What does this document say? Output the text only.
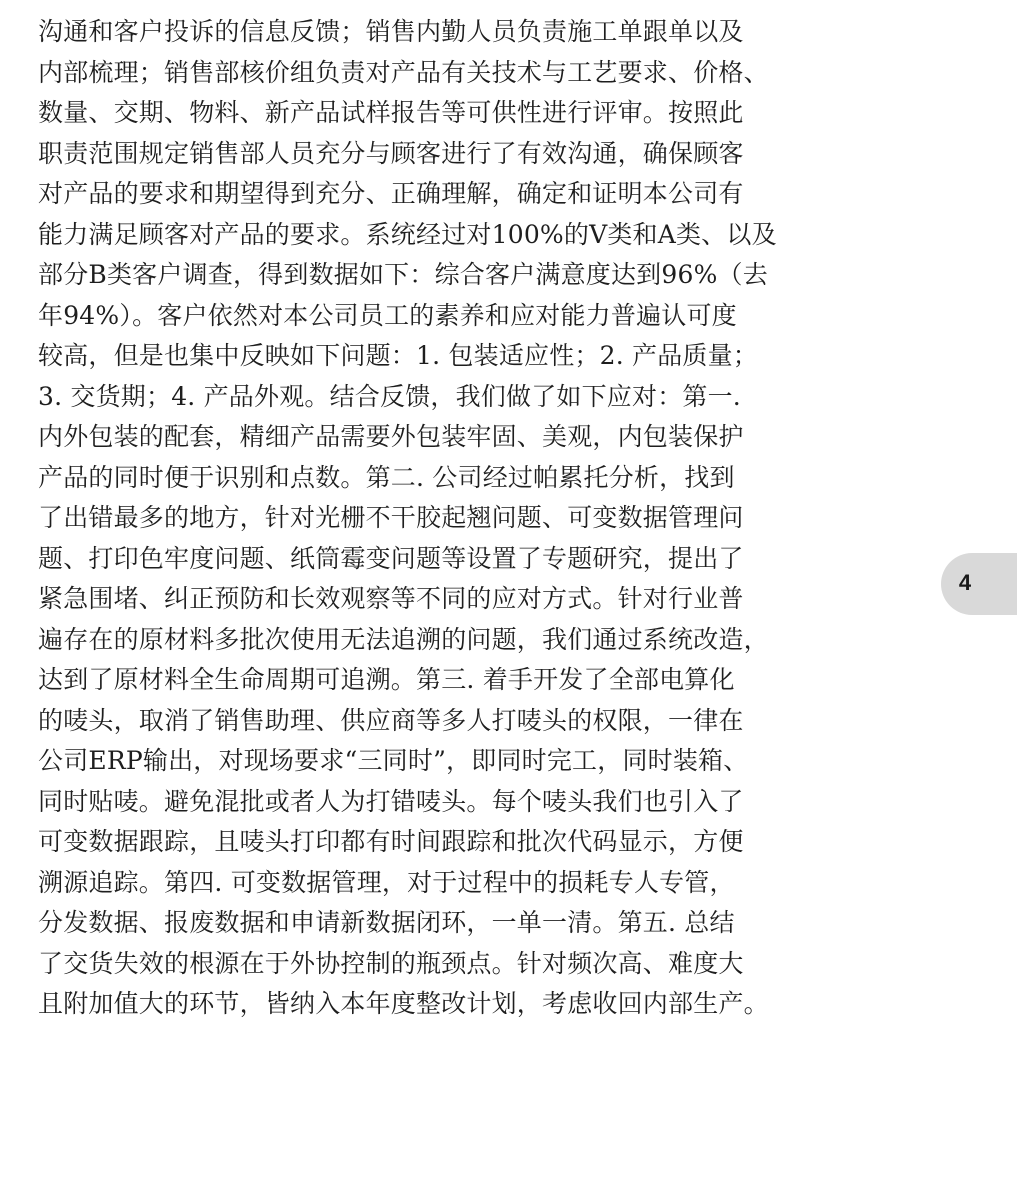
沟通和客户投诉的信息反馈；销售内勤人员负责施工单跟单以及
内部梳理；销售部核价组负责对产品有关技术与工艺要求、价格、
数量、交期、物料、新产品试样报告等可供性进行评审。按照此
职责范围规定销售部人员充分与顾客进行了有效沟通，确保顾客
对产品的要求和期望得到充分、正确理解，确定和证明本公司有
能力满足顾客对产品的要求。系统经过对100%的V类和A类、以及
部分B类客户调查，得到数据如下：综合客户满意度达到96%（去
年94%）。客户依然对本公司员工的素养和应对能力普遍认可度
较高，但是也集中反映如下问题：1. 包装适应性；2. 产品质量；
3. 交货期；4. 产品外观。结合反馈，我们做了如下应对：第一.
内外包装的配套，精细产品需要外包装牢固、美观，内包装保护
产品的同时便于识别和点数。第二. 公司经过帕累托分析，找到
了出错最多的地方，针对光栅不干胶起翘问题、可变数据管理问
题、打印色牢度问题、纸筒霉变问题等设置了专题研究，提出了
紧急围堵、纠正预防和长效观察等不同的应对方式。针对行业普
遍存在的原材料多批次使用无法追溯的问题，我们通过系统改造，
达到了原材料全生命周期可追溯。第三. 着手开发了全部电算化
的唛头，取消了销售助理、供应商等多人打唛头的权限，一律在
公司ERP输出，对现场要求“三同时”，即同时完工，同时装箱、
同时贴唛。避免混批或者人为打错唛头。每个唛头我们也引入了
可变数据跟踪，且唛头打印都有时间跟踪和批次代码显示，方便
溯源追踪。第四. 可变数据管理，对于过程中的损耗专人专管，
分发数据、报废数据和申请新数据闭环，一单一清。第五. 总结
了交货失效的根源在于外协控制的瓶颈点。针对频次高、难度大
且附加值大的环节，皆纳入本年度整改计划，考虑收回内部生产。
4
